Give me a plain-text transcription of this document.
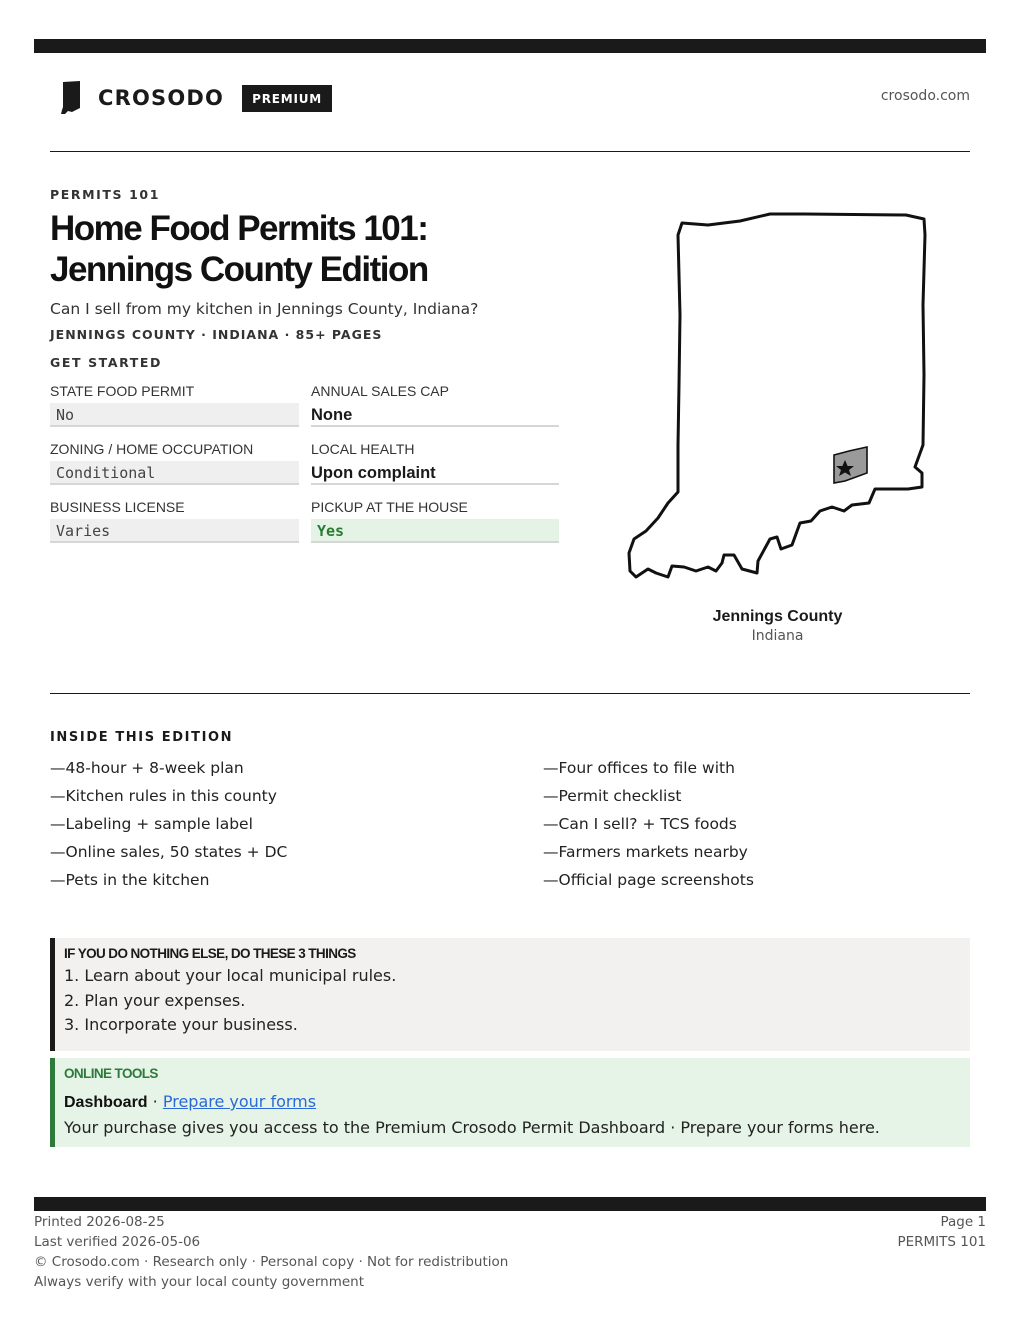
CROSODO	PREMIUM	crosodo.com
PERMITS 101
Home Food Permits 101:
Jennings County Edition
Can I sell from my kitchen in Jennings County, Indiana?
JENNINGS COUNTY · INDIANA · 85+ PAGES
GET STARTED
STATE FOOD PERMIT
No
ANNUAL SALES CAP
None
ZONING / HOME OCCUPATION
Conditional
LOCAL HEALTH
Upon complaint
BUSINESS LICENSE
Varies
PICKUP AT THE HOUSE
Yes
Jennings County
Indiana
INSIDE THIS EDITION
—48-hour + 8-week plan
—Kitchen rules in this county
—Labeling + sample label
—Online sales, 50 states + DC
—Pets in the kitchen
—Four offices to file with
—Permit checklist
—Can I sell? + TCS foods
—Farmers markets nearby
—Official page screenshots
IF YOU DO NOTHING ELSE, DO THESE 3 THINGS
1. Learn about your local municipal rules.
2. Plan your expenses.
3. Incorporate your business.
ONLINE TOOLS
Dashboard · Prepare your forms
Your purchase gives you access to the Premium Crosodo Permit Dashboard · Prepare your forms here.
Printed 2026-08-25
Last verified 2026-05-06
© Crosodo.com · Research only · Personal copy · Not for redistribution
Always verify with your local county government
Page 1
PERMITS 101
